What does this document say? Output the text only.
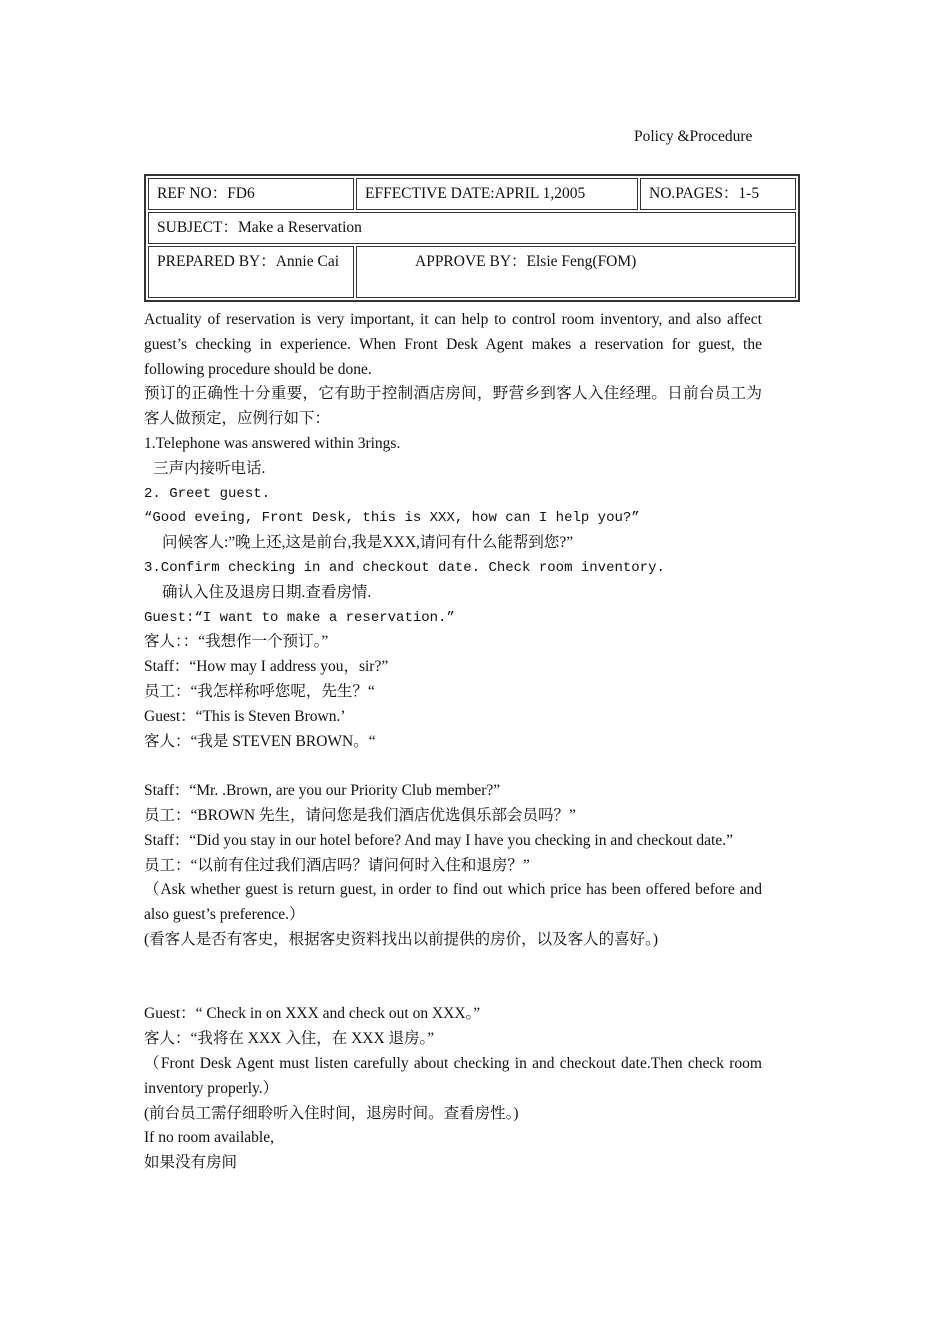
Policy &Procedure
REF NO：FD6	EFFECTIVE DATE:APRIL 1,2005	NO.PAGES：1-5
SUBJECT：Make a Reservation		
PREPARED BY：Annie Cai	APPROVE BY：Elsie Feng(FOM)	

Actuality of reservation is very important, it can help to control room inventory, and also affect guest’s checking in experience. When Front Desk Agent makes a reservation for guest, the following procedure should be done.

预订的正确性十分重要，它有助于控制酒店房间，野营乡到客人入住经理。日前台员工为客人做预定，应例行如下：

1.Telephone was answered within 3rings.

三声内接听电话.

2. Greet guest.

“Good eveing, Front Desk, this is XXX, how can I help you?”

问候客人:”晚上还,这是前台,我是XXX,请问有什么能帮到您?”

3.Confirm checking in and checkout date. Check room inventory.

确认入住及退房日期.查看房情.

Guest:“I want to make a reservation.”

客人：：“我想作一个预订。”

Staff：“How may I address you，sir?”

员工：“我怎样称呼您呢，先生？“

Guest：“This is Steven Brown.’

客人：“我是 STEVEN BROWN。“

Staff：“Mr. .Brown, are you our Priority Club member?”

员工：“BROWN 先生，请问您是我们酒店优选俱乐部会员吗？”

Staff：“Did you stay in our hotel before? And may I have you checking in and checkout date.”

员工：“以前有住过我们酒店吗？请问何时入住和退房？”

（Ask whether guest is return guest, in order to find out which price has been offered before and also guest’s preference.）

(看客人是否有客史，根据客史资料找出以前提供的房价，以及客人的喜好。)

Guest：“ Check in on XXX and check out on XXX。”

客人：“我将在 XXX 入住，在 XXX 退房。”

（Front Desk Agent must listen carefully about checking in and checkout date.Then check room inventory properly.）

(前台员工需仔细聆听入住时间，退房时间。查看房性。)

If no room available,

如果没有房间
